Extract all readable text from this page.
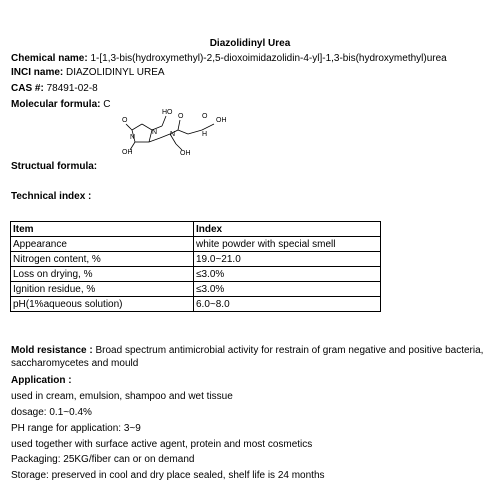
Diazolidinyl Urea
Chemical name: 1-[1,3-bis(hydroxymethyl)-2,5-dioxoimidazolidin-4-yl]-1,3-bis(hydroxymethyl)urea
INCI name: DIAZOLIDINYL UREA
CAS #: 78491-02-8
Molecular formula: C
HO
O
O	O
OH
N
N	N	H
OH	OH
Structual formula:
Technical index :
Item	Index
Appearance	white powder with special smell
Nitrogen content, %	19.0~21.0
Loss on drying, %	≤3.0%
Ignition residue, %	≤3.0%
pH(1%aqueous solution)	6.0~8.0
Mold resistance : Broad spectrum antimicrobial activity for restrain of gram negative and positive bacteria, saccharomycetes and mould
Application :
used in cream, emulsion, shampoo and wet tissue
dosage: 0.1~0.4%
PH range for application: 3~9
used together with surface active agent, protein and most cosmetics
Packaging: 25KG/fiber can or on demand
Storage: preserved in cool and dry place sealed, shelf life is 24 months
